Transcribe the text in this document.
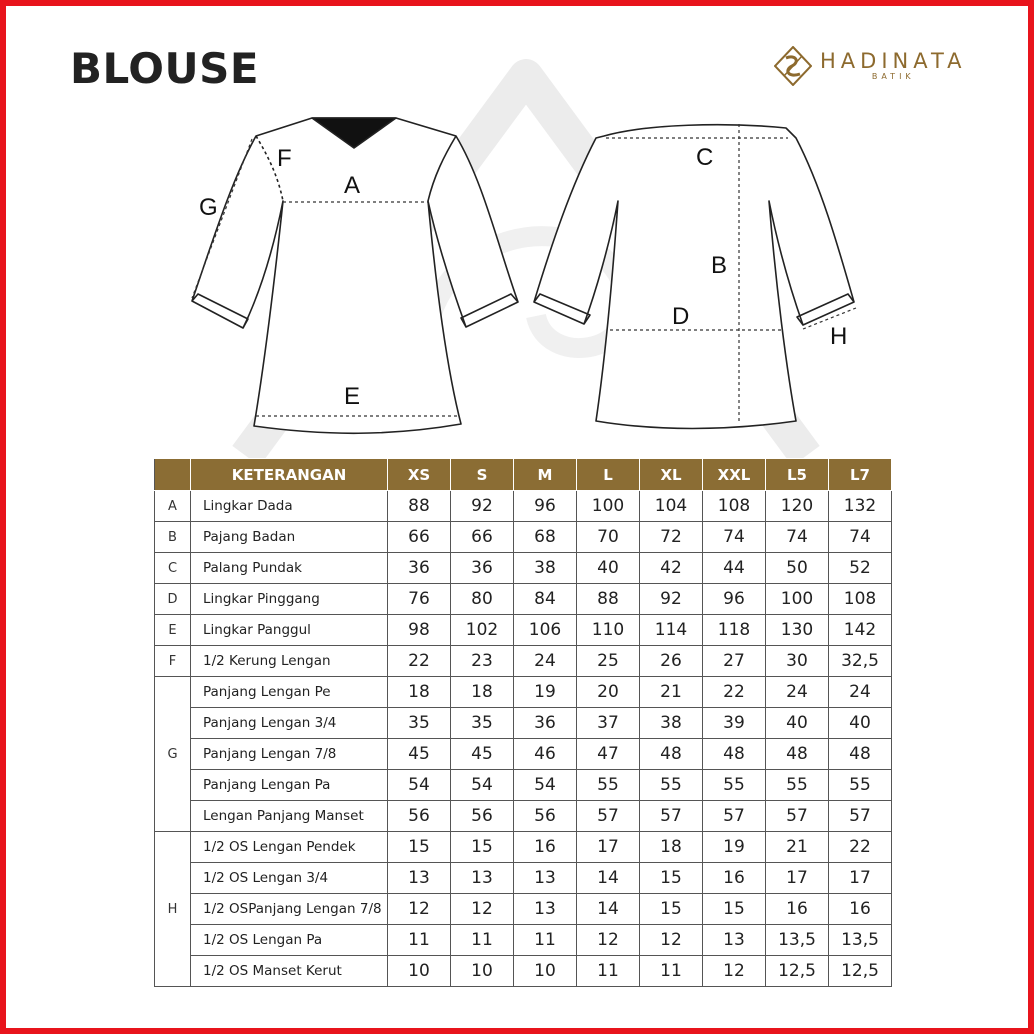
BLOUSE	HADINATA
BATIK
A
E
F
G
C
B
D
H
	KETERANGAN	XS	S	M	L	XL	XXL	L5	L7
A	Lingkar Dada	88	92	96	100	104	108	120	132
B	Pajang Badan	66	66	68	70	72	74	74	74
C	Palang Pundak	36	36	38	40	42	44	50	52
D	Lingkar Pinggang	76	80	84	88	92	96	100	108
E	Lingkar Panggul	98	102	106	110	114	118	130	142
F	1/2 Kerung Lengan	22	23	24	25	26	27	30	32,5
G	Panjang Lengan Pe	18	18	19	20	21	22	24	24
	Panjang Lengan 3/4	35	35	36	37	38	39	40	40
	Panjang Lengan 7/8	45	45	46	47	48	48	48	48
	Panjang Lengan Pa	54	54	54	55	55	55	55	55
	Lengan Panjang Manset	56	56	56	57	57	57	57	57
H	1/2 OS Lengan Pendek	15	15	16	17	18	19	21	22
	1/2 OS Lengan 3/4	13	13	13	14	15	16	17	17
	1/2 OSPanjang Lengan 7/8	12	12	13	14	15	15	16	16
	1/2 OS Lengan Pa	11	11	11	12	12	13	13,5	13,5
	1/2 OS Manset Kerut	10	10	10	11	11	12	12,5	12,5
